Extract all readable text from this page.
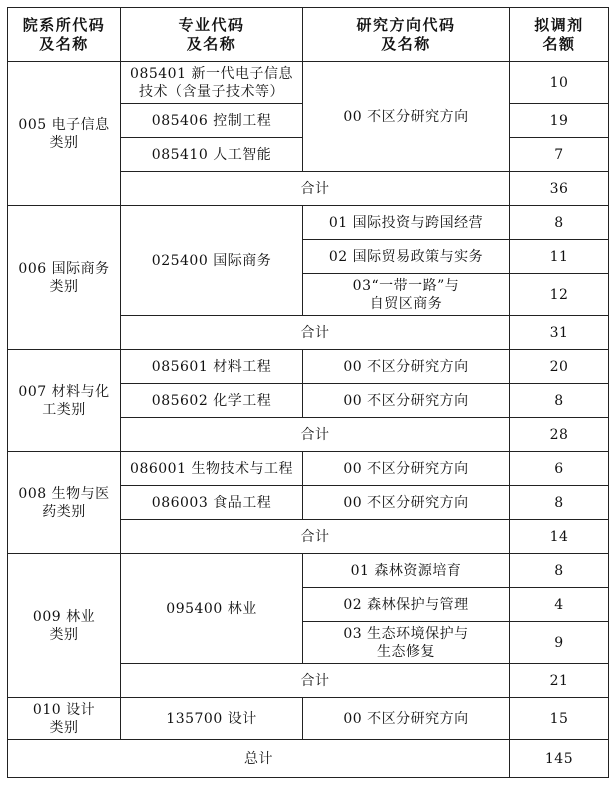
院系所代码
及名称	专业代码
及名称	研究方向代码
及名称	拟调剂
名额
005 电子信息
类别	085401 新一代电子信息
技术（含量子技术等）	00 不区分研究方向	10
	085406 控制工程		19
	085410 人工智能		7
	合计		36
006 国际商务
类别	025400 国际商务	01 国际投资与跨国经营	8
		02 国际贸易政策与实务	11
		03“一带一路”与
自贸区商务	12
	合计		31
007 材料与化
工类别	085601 材料工程	00 不区分研究方向	20
	085602 化学工程	00 不区分研究方向	8
	合计		28
008 生物与医
药类别	086001 生物技术与工程	00 不区分研究方向	6
	086003 食品工程	00 不区分研究方向	8
	合计		14
009 林业
类别	095400 林业	01 森林资源培育	8
		02 森林保护与管理	4
		03 生态环境保护与
生态修复	9
	合计		21
010 设计
类别	135700 设计	00 不区分研究方向	15
总计			145
